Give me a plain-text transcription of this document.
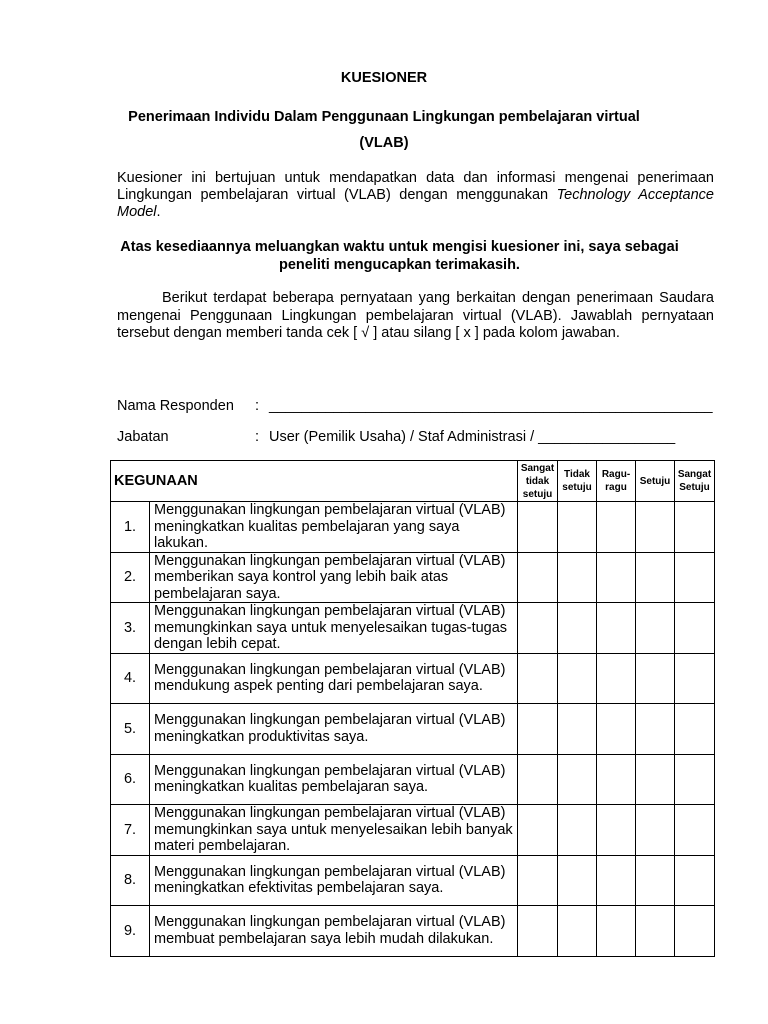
KUESIONER
Penerimaan Individu Dalam Penggunaan Lingkungan pembelajaran virtual (VLAB)
Kuesioner ini bertujuan untuk mendapatkan data dan informasi mengenai penerimaan Lingkungan pembelajaran virtual (VLAB) dengan menggunakan Technology Acceptance Model.
Atas kesediaannya meluangkan waktu untuk mengisi kuesioner ini, saya sebagai peneliti mengucapkan terimakasih.
Berikut terdapat beberapa pernyataan yang berkaitan dengan penerimaan Saudara mengenai Penggunaan Lingkungan pembelajaran virtual (VLAB). Jawablah pernyataan tersebut dengan memberi tanda cek [ √ ] atau silang [ x ] pada kolom jawaban.
Nama Responden : _______________________________________________________
Jabatan	: User (Pemilik Usaha) / Staf Administrasi / _________________
KEGUNAAN		Sangat tidak setuju	Tidak setuju	Ragu-ragu	Setuju	Sangat Setuju
1.	Menggunakan lingkungan pembelajaran virtual (VLAB) meningkatkan kualitas pembelajaran yang saya lakukan.					
2.	Menggunakan lingkungan pembelajaran virtual (VLAB) memberikan saya kontrol yang lebih baik atas pembelajaran saya.					
3.	Menggunakan lingkungan pembelajaran virtual (VLAB) memungkinkan saya untuk menyelesaikan tugas-tugas dengan lebih cepat.					
4.	Menggunakan lingkungan pembelajaran virtual (VLAB) mendukung aspek penting dari pembelajaran saya.					
5.	Menggunakan lingkungan pembelajaran virtual (VLAB) meningkatkan produktivitas saya.					
6.	Menggunakan lingkungan pembelajaran virtual (VLAB) meningkatkan kualitas pembelajaran saya.					
7.	Menggunakan lingkungan pembelajaran virtual (VLAB) memungkinkan saya untuk menyelesaikan lebih banyak materi pembelajaran.					
8.	Menggunakan lingkungan pembelajaran virtual (VLAB) meningkatkan efektivitas pembelajaran saya.					
9.	Menggunakan lingkungan pembelajaran virtual (VLAB) membuat pembelajaran saya lebih mudah dilakukan.					
